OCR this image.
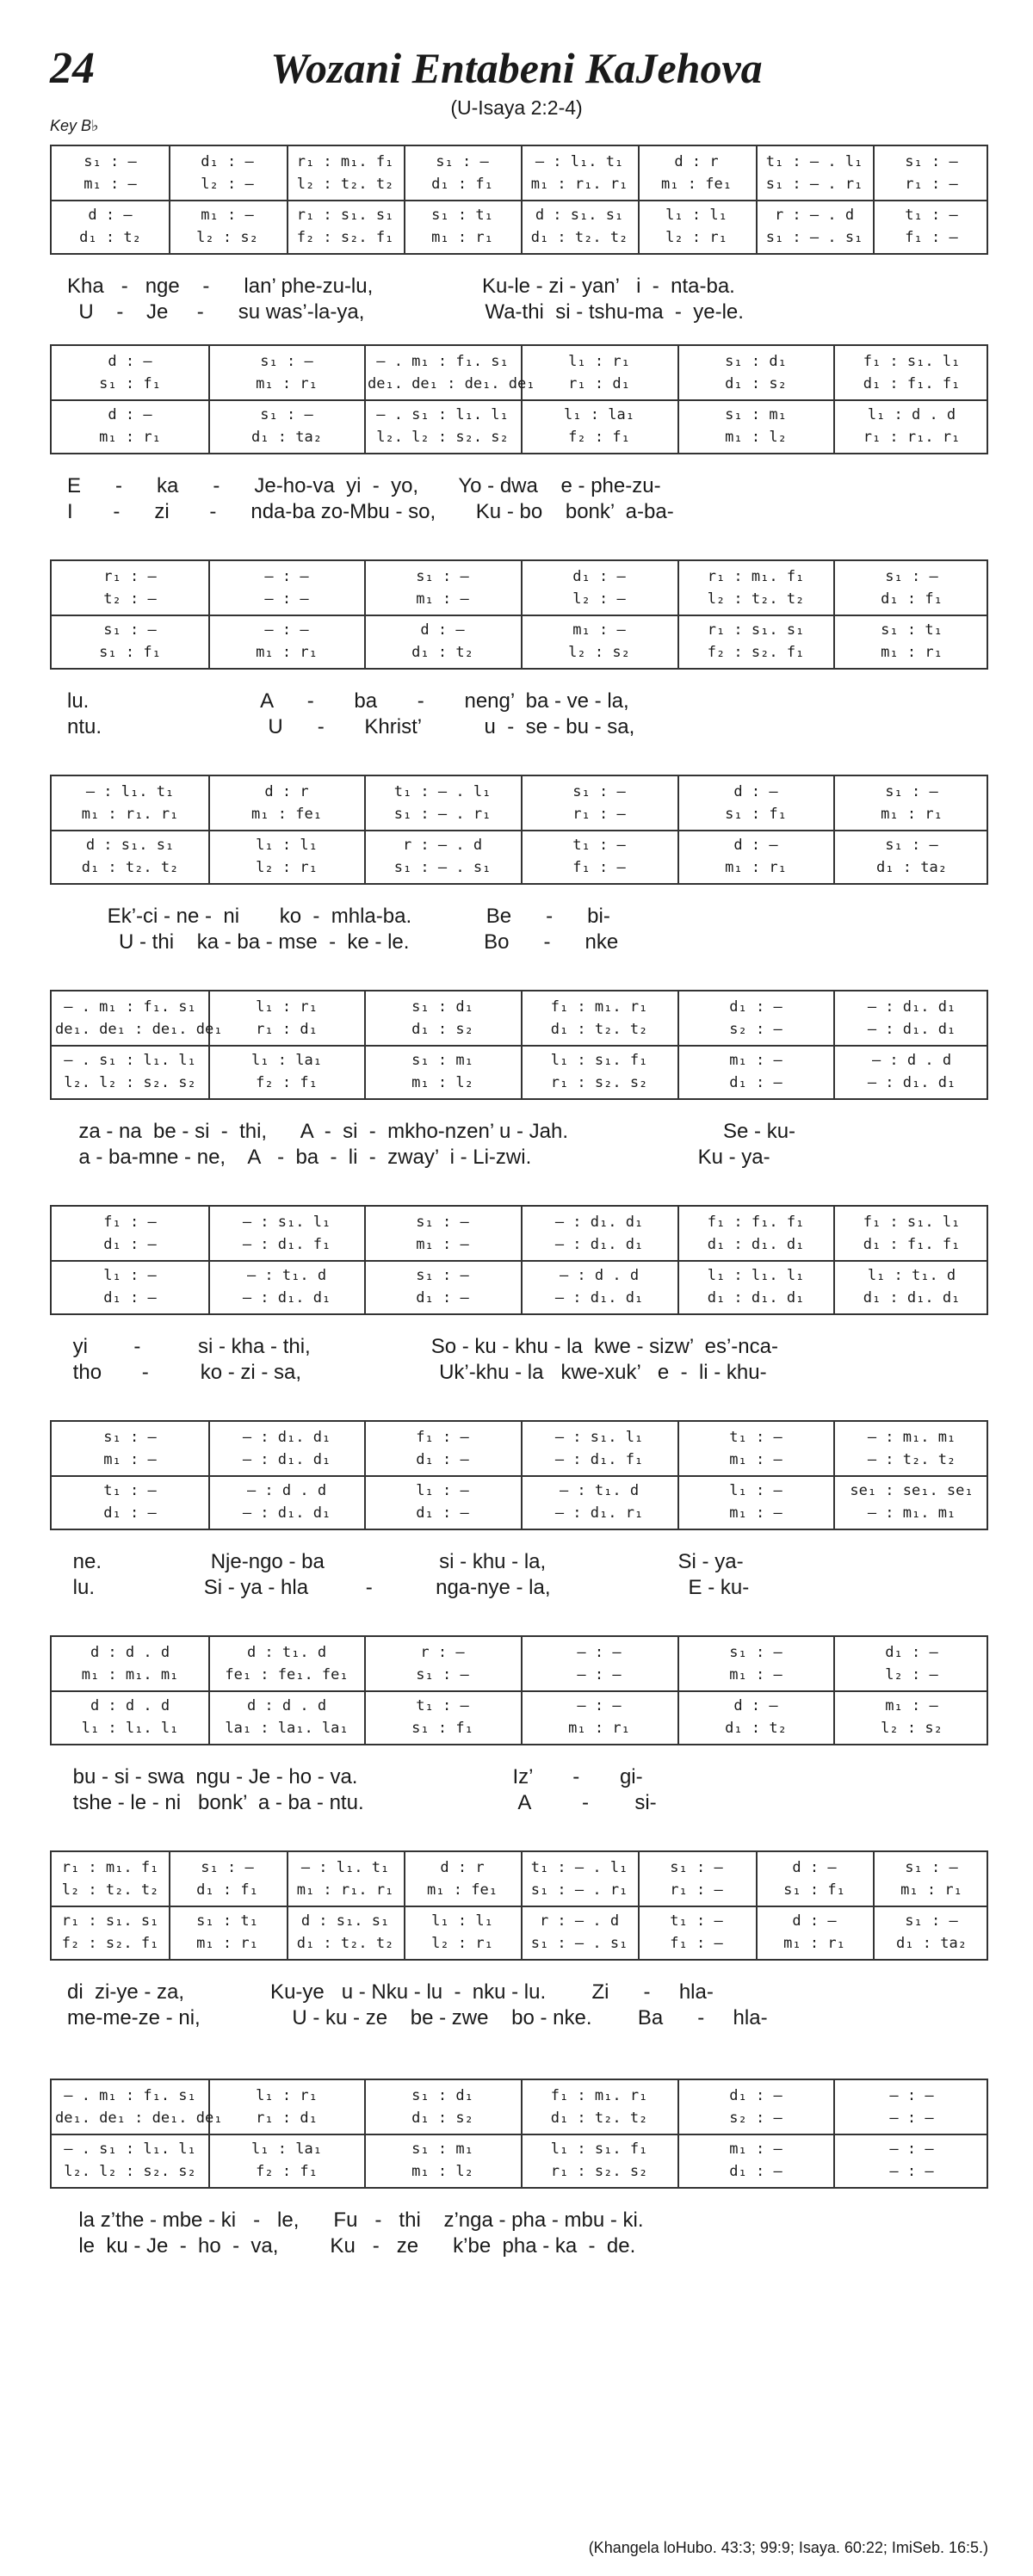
24	Wozani Entabeni KaJehova
(U-Isaya 2:2-4)
Key B♭
s₁ : —
m₁ : —
d : —
d₁ : t₂
d₁ : —
l₂ : —
m₁ : —
l₂ : s₂
r₁ : m₁. f₁
l₂ : t₂. t₂
r₁ : s₁. s₁
f₂ : s₂. f₁
s₁ : —
d₁ : f₁
s₁ : t₁
m₁ : r₁
— : l₁. t₁
m₁ : r₁. r₁
d : s₁. s₁
d₁ : t₂. t₂
d : r
m₁ : fe₁
l₁ : l₁
l₂ : r₁
t₁ : – . l₁
s₁ : – . r₁
r : – . d
s₁ : – . s₁
s₁ : —
r₁ : —
t₁ : —
f₁ : —
Kha   -   nge    -      lan’ phe-zu-lu,                   Ku-le - zi - yan’   i  -  nta-ba.
U    -    Je     -      su was’-la-ya,                     Wa-thi  si - tshu-ma  -  ye-le.
d : —
s₁ : f₁
d : —
m₁ : r₁
s₁ : —
m₁ : r₁
s₁ : —
d₁ : ta₂
— . m₁ : f₁. s₁
de₁. de₁ : de₁. de₁
— . s₁ : l₁. l₁
l₂. l₂ : s₂. s₂
l₁ : r₁
r₁ : d₁
l₁ : la₁
f₂ : f₁
s₁ : d₁
d₁ : s₂
s₁ : m₁
m₁ : l₂
f₁ : s₁. l₁
d₁ : f₁. f₁
l₁ : d . d
r₁ : r₁. r₁
E      -      ka      -      Je-ho-va  yi  -  yo,       Yo - dwa    e - phe-zu-
I       -      zi       -      nda-ba zo-Mbu - so,       Ku - bo    bonk’  a-ba-
r₁ : —
t₂ : —
s₁ : —
s₁ : f₁
— : —
— : —
— : —
m₁ : r₁
s₁ : —
m₁ : —
d : —
d₁ : t₂
d₁ : —
l₂ : —
m₁ : —
l₂ : s₂
r₁ : m₁. f₁
l₂ : t₂. t₂
r₁ : s₁. s₁
f₂ : s₂. f₁
s₁ : —
d₁ : f₁
s₁ : t₁
m₁ : r₁
lu.                              A      -       ba       -       neng’  ba - ve - la,
ntu.                             U      -       Khrist’           u  -  se - bu - sa,
— : l₁. t₁
m₁ : r₁. r₁
d : s₁. s₁
d₁ : t₂. t₂
d : r
m₁ : fe₁
l₁ : l₁
l₂ : r₁
t₁ : – . l₁
s₁ : – . r₁
r : – . d
s₁ : – . s₁
s₁ : —
r₁ : —
t₁ : —
f₁ : —
d : —
s₁ : f₁
d : —
m₁ : r₁
s₁ : —
m₁ : r₁
s₁ : —
d₁ : ta₂
Ek’-ci - ne -  ni       ko  -  mhla-ba.             Be      -      bi-
U - thi    ka - ba - mse  -  ke - le.             Bo      -      nke
— . m₁ : f₁. s₁
de₁. de₁ : de₁. de₁
— . s₁ : l₁. l₁
l₂. l₂ : s₂. s₂
l₁ : r₁
r₁ : d₁
l₁ : la₁
f₂ : f₁
s₁ : d₁
d₁ : s₂
s₁ : m₁
m₁ : l₂
f₁ : m₁. r₁
d₁ : t₂. t₂
l₁ : s₁. f₁
r₁ : s₂. s₂
d₁ : —
s₂ : —
m₁ : —
d₁ : —
— : d₁. d₁
— : d₁. d₁
— : d . d
— : d₁. d₁
za - na  be - si  -  thi,      A  -  si  -  mkho-nzen’ u - Jah.                           Se - ku-
a - ba-mne - ne,    A   -  ba  -  li  -  zway’  i - Li-zwi.                             Ku - ya-
f₁ : —
d₁ : —
l₁ : —
d₁ : —
— : s₁. l₁
— : d₁. f₁
— : t₁. d
— : d₁. d₁
s₁ : —
m₁ : —
s₁ : —
d₁ : —
— : d₁. d₁
— : d₁. d₁
— : d . d
— : d₁. d₁
f₁ : f₁. f₁
d₁ : d₁. d₁
l₁ : l₁. l₁
d₁ : d₁. d₁
f₁ : s₁. l₁
d₁ : f₁. f₁
l₁ : t₁. d
d₁ : d₁. d₁
yi        -          si - kha - thi,                     So - ku - khu - la  kwe - sizw’  es’-nca-
tho       -         ko - zi - sa,                        Uk’-khu - la   kwe-xuk’   e  -  li - khu-
s₁ : —
m₁ : —
t₁ : —
d₁ : —
— : d₁. d₁
— : d₁. d₁
— : d . d
— : d₁. d₁
f₁ : —
d₁ : —
l₁ : —
d₁ : —
— : s₁. l₁
— : d₁. f₁
— : t₁. d
— : d₁. r₁
t₁ : —
m₁ : —
l₁ : —
m₁ : —
— : m₁. m₁
— : t₂. t₂
se₁ : se₁. se₁
— : m₁. m₁
ne.                   Nje-ngo - ba                    si - khu - la,                       Si - ya-
lu.                   Si - ya - hla          -           nga-nye - la,                        E - ku-
d : d . d
m₁ : m₁. m₁
d : d . d
l₁ : l₁. l₁
d : t₁. d
fe₁ : fe₁. fe₁
d : d . d
la₁ : la₁. la₁
r : —
s₁ : —
t₁ : —
s₁ : f₁
— : —
— : —
— : —
m₁ : r₁
s₁ : —
m₁ : —
d : —
d₁ : t₂
d₁ : —
l₂ : —
m₁ : —
l₂ : s₂
bu - si - swa  ngu - Je - ho - va.                           Iz’       -       gi-
tshe - le - ni   bonk’  a - ba - ntu.                           A         -        si-
r₁ : m₁. f₁
l₂ : t₂. t₂
r₁ : s₁. s₁
f₂ : s₂. f₁
s₁ : —
d₁ : f₁
s₁ : t₁
m₁ : r₁
— : l₁. t₁
m₁ : r₁. r₁
d : s₁. s₁
d₁ : t₂. t₂
d : r
m₁ : fe₁
l₁ : l₁
l₂ : r₁
t₁ : – . l₁
s₁ : – . r₁
r : – . d
s₁ : – . s₁
s₁ : —
r₁ : —
t₁ : —
f₁ : —
d : —
s₁ : f₁
d : —
m₁ : r₁
s₁ : —
m₁ : r₁
s₁ : —
d₁ : ta₂
di  zi-ye - za,               Ku-ye   u - Nku - lu  -  nku - lu.        Zi      -     hla-
me-me-ze - ni,                U - ku - ze    be - zwe    bo - nke.        Ba      -     hla-
— . m₁ : f₁. s₁
de₁. de₁ : de₁. de₁
— . s₁ : l₁. l₁
l₂. l₂ : s₂. s₂
l₁ : r₁
r₁ : d₁
l₁ : la₁
f₂ : f₁
s₁ : d₁
d₁ : s₂
s₁ : m₁
m₁ : l₂
f₁ : m₁. r₁
d₁ : t₂. t₂
l₁ : s₁. f₁
r₁ : s₂. s₂
d₁ : —
s₂ : —
m₁ : —
d₁ : —
— : —
— : —
— : —
— : —
la z’the - mbe - ki   -   le,      Fu   -   thi    z’nga - pha - mbu - ki.
le  ku - Je  -  ho  -  va,         Ku   -   ze      k’be  pha - ka  -  de.
(Khangela loHubo. 43:3; 99:9; Isaya. 60:22; ImiSeb. 16:5.)
